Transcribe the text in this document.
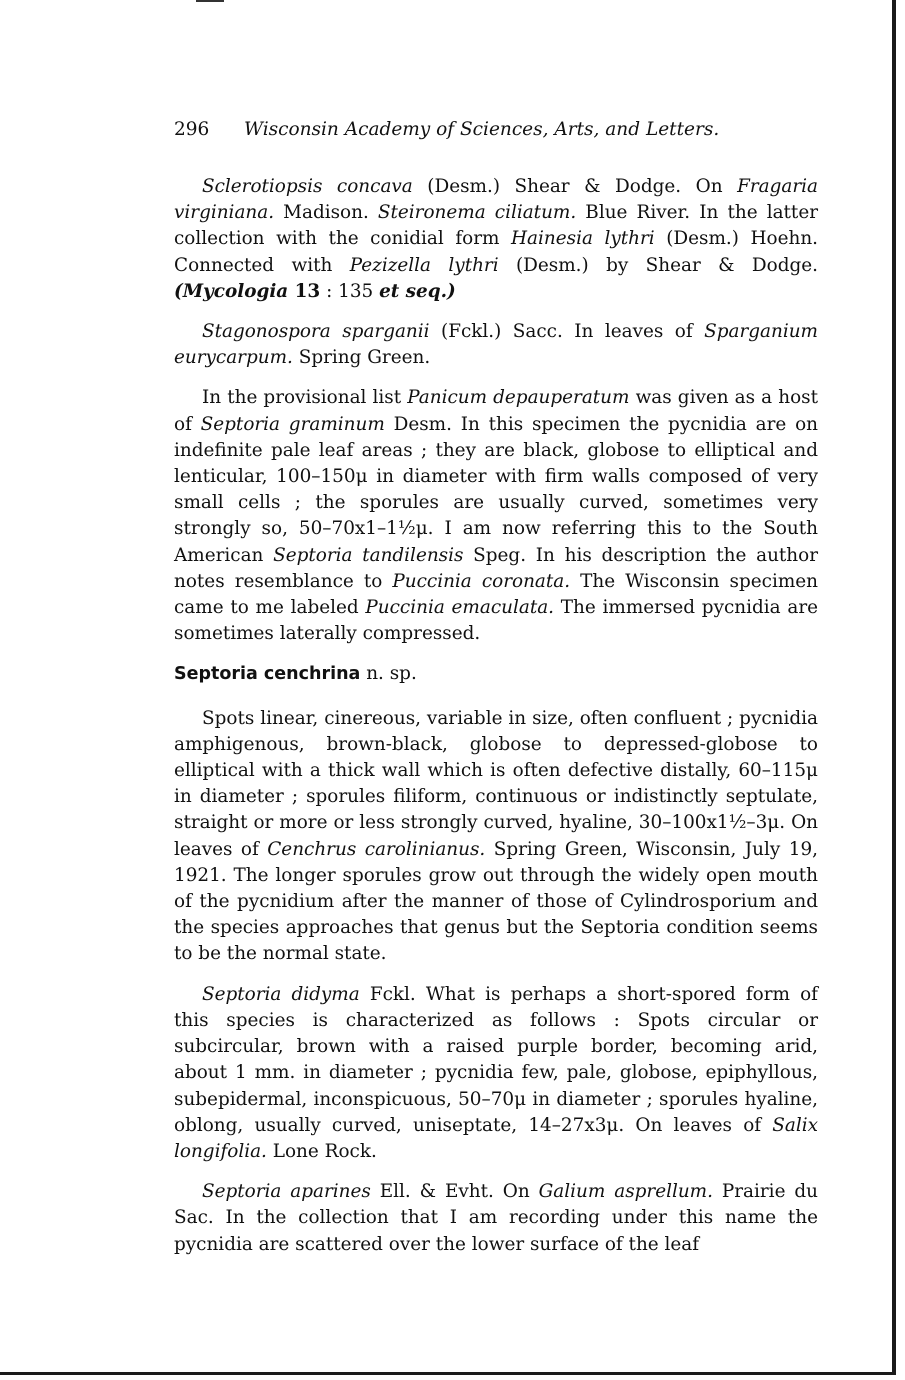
296 Wisconsin Academy of Sciences, Arts, and Letters.

Sclerotiopsis concava (Desm.) Shear & Dodge. On Fragaria virginiana. Madison. Steironema ciliatum. Blue River. In the latter collection with the conidial form Hainesia lythri (Desm.) Hoehn. Connected with Pezizella lythri (Desm.) by Shear & Dodge. (Mycologia 13 : 135 et seq.)

Stagonospora sparganii (Fckl.) Sacc. In leaves of Sparganium eurycarpum. Spring Green.

In the provisional list Panicum depauperatum was given as a host of Septoria graminum Desm. In this specimen the pycnidia are on indefinite pale leaf areas ; they are black, globose to elliptical and lenticular, 100–150μ in diameter with firm walls composed of very small cells ; the sporules are usually curved, sometimes very strongly so, 50–70x1–1½μ. I am now referring this to the South American Septoria tandilensis Speg. In his description the author notes resemblance to Puccinia coronata. The Wisconsin specimen came to me labeled Puccinia emaculata. The immersed pycnidia are sometimes laterally compressed.

Septoria cenchrina n. sp.

Spots linear, cinereous, variable in size, often confluent ; pycnidia amphigenous, brown-black, globose to depressed-globose to elliptical with a thick wall which is often defective distally, 60–115μ in diameter ; sporules filiform, continuous or indistinctly septulate, straight or more or less strongly curved, hyaline, 30–100x1½–3μ. On leaves of Cenchrus carolinianus. Spring Green, Wisconsin, July 19, 1921. The longer sporules grow out through the widely open mouth of the pycnidium after the manner of those of Cylindrosporium and the species approaches that genus but the Septoria condition seems to be the normal state.

Septoria didyma Fckl. What is perhaps a short-spored form of this species is characterized as follows : Spots circular or subcircular, brown with a raised purple border, becoming arid, about 1 mm. in diameter ; pycnidia few, pale, globose, epiphyllous, subepidermal, inconspicuous, 50–70μ in diameter ; sporules hyaline, oblong, usually curved, uniseptate, 14–27x3μ. On leaves of Salix longifolia. Lone Rock.

Septoria aparines Ell. & Evht. On Galium asprellum. Prairie du Sac. In the collection that I am recording under this name the pycnidia are scattered over the lower surface of the leaf
